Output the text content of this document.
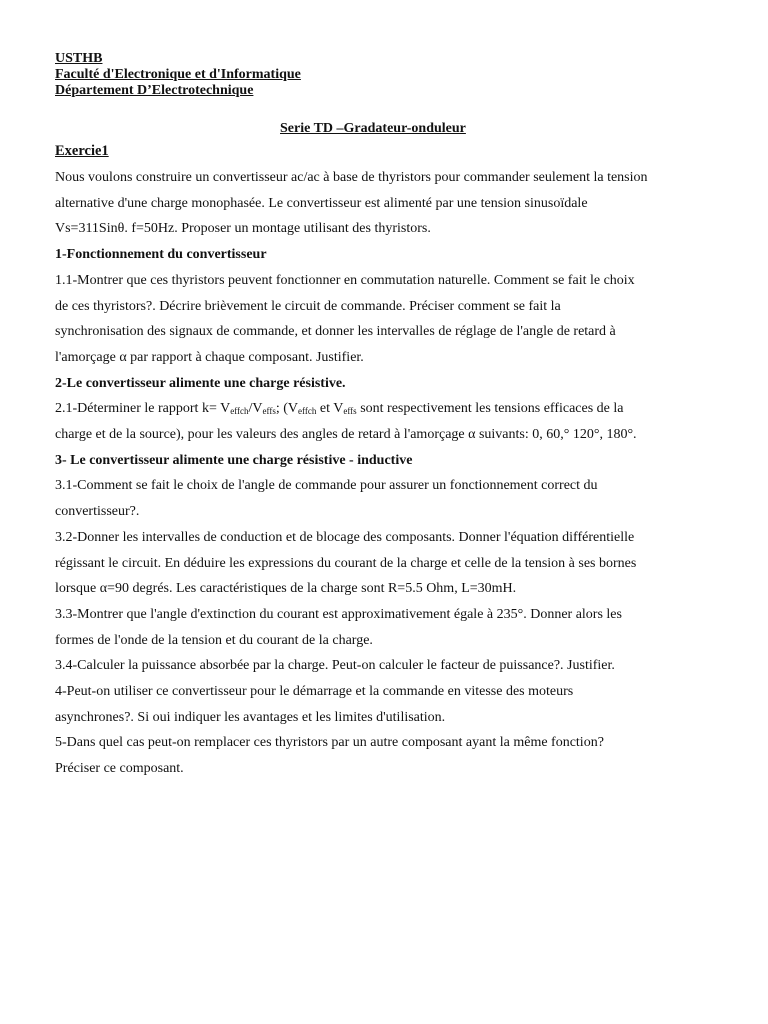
USTHB

Faculté d'Electronique et d'Informatique

Département D’Electrotechnique

Serie TD –Gradateur-onduleur
Exercie1

Nous voulons construire un convertisseur ac/ac à base de thyristors pour commander seulement la tension

alternative d'une charge monophasée. Le convertisseur est alimenté par une tension sinusoïdale

Vs=311Sinθ. f=50Hz. Proposer un montage utilisant des thyristors.

1-Fonctionnement du convertisseur

1.1-Montrer que ces thyristors peuvent fonctionner en commutation naturelle. Comment se fait le choix

de ces thyristors?. Décrire brièvement le circuit de commande. Préciser comment se fait la

synchronisation des signaux de commande, et donner les intervalles de réglage de l'angle de retard à

l'amorçage α par rapport à chaque composant. Justifier.

2-Le convertisseur alimente une charge résistive.

2.1-Déterminer le rapport $k= V_{effch}/V_{effs}$; ($V_{effch}$ et $V_{effs}$ sont respectivement les tensions efficaces de la

charge et de la source), pour les valeurs des angles de retard à l'amorçage α suivants: 0, 60,° 120°, 180°.

3- Le convertisseur alimente une charge résistive - inductive

3.1-Comment se fait le choix de l'angle de commande pour assurer un fonctionnement correct du

convertisseur?.

3.2-Donner les intervalles de conduction et de blocage des composants. Donner l'équation différentielle

régissant le circuit. En déduire les expressions du courant de la charge et celle de la tension à ses bornes

lorsque α=90 degrés. Les caractéristiques de la charge sont R=5.5 Ohm, L=30mH.

3.3-Montrer que l'angle d'extinction du courant est approximativement égale à 235°. Donner alors les

formes de l'onde de la tension et du courant de la charge.

3.4-Calculer la puissance absorbée par la charge. Peut-on calculer le facteur de puissance?. Justifier.

4-Peut-on utiliser ce convertisseur pour le démarrage et la commande en vitesse des moteurs

asynchrones?. Si oui indiquer les avantages et les limites d'utilisation.

5-Dans quel cas peut-on remplacer ces thyristors par un autre composant ayant la même fonction?

Préciser ce composant.
